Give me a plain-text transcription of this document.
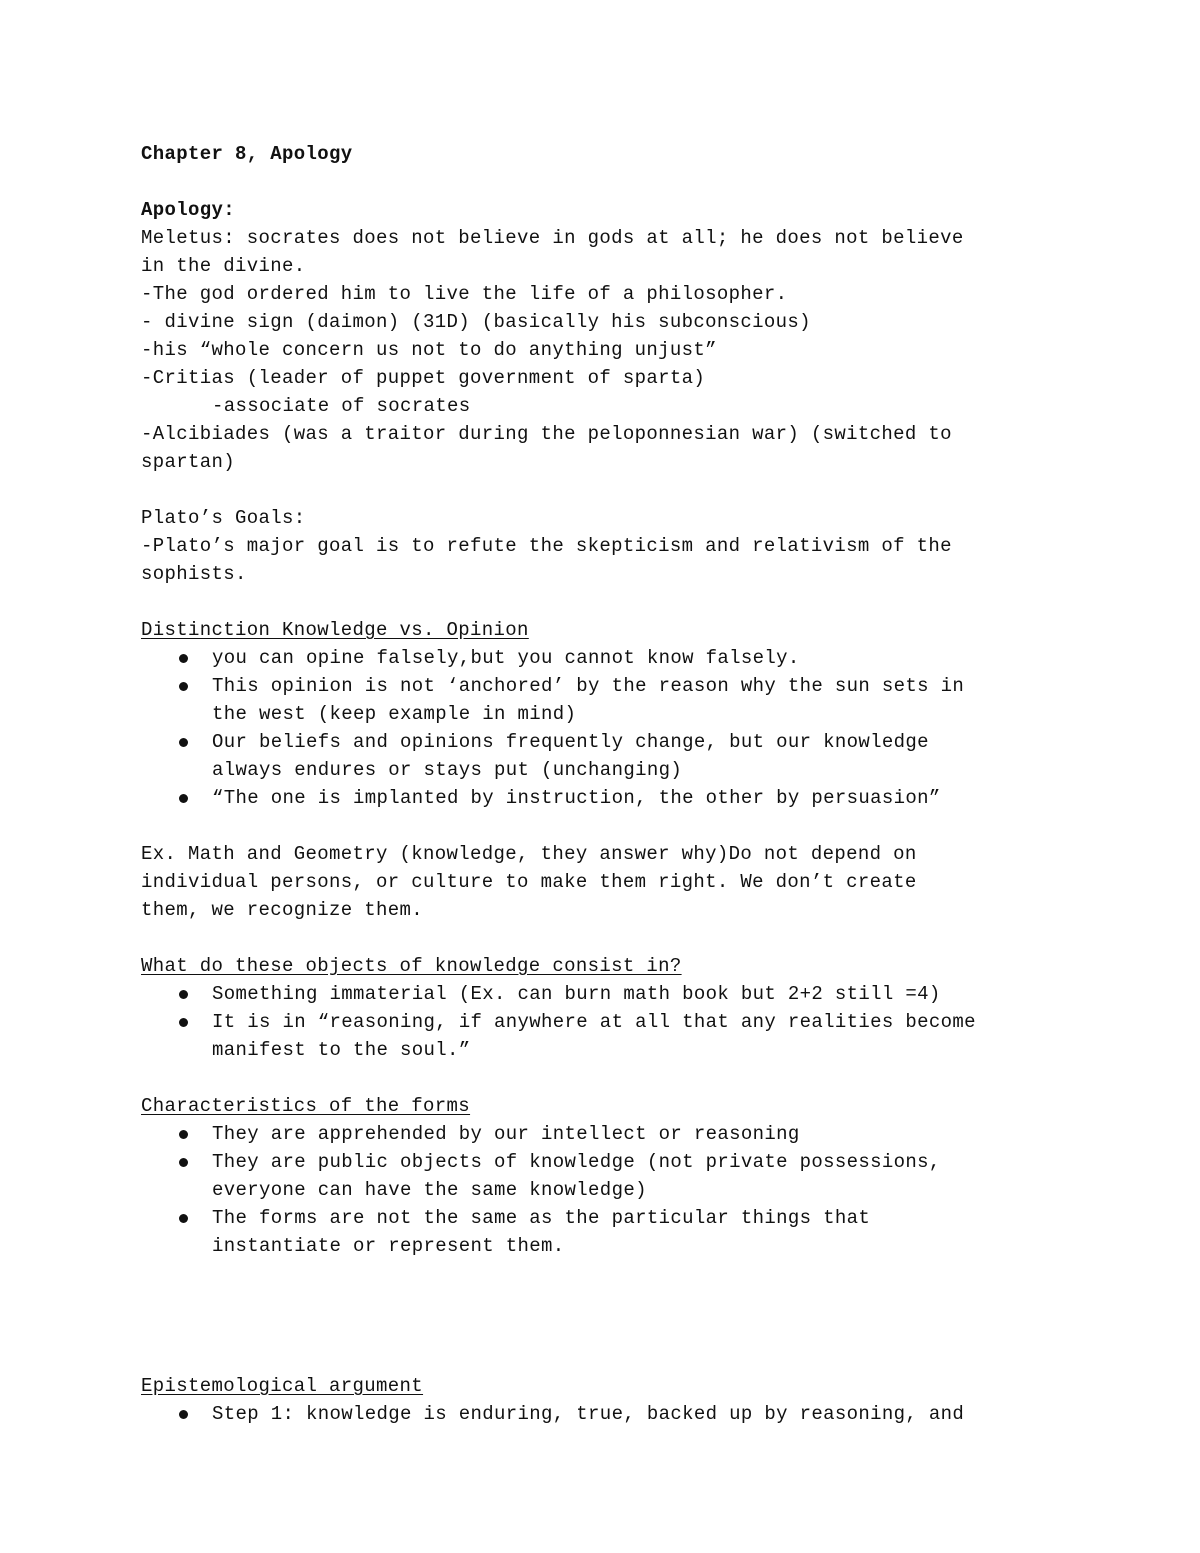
Chapter 8, Apology
Apology:
Meletus: socrates does not believe in gods at all; he does not believe
in the divine.
-The god ordered him to live the life of a philosopher.
- divine sign (daimon) (31D) (basically his subconscious)
-his “whole concern us not to do anything unjust”
-Critias (leader of puppet government of sparta)
-associate of socrates
-Alcibiades (was a traitor during the peloponnesian war) (switched to
spartan)
Plato’s Goals:
-Plato’s major goal is to refute the skepticism and relativism of the
sophists.
Distinction Knowledge vs. Opinion
you can opine falsely,but you cannot know falsely.
This opinion is not ‘anchored’ by the reason why the sun sets in
the west (keep example in mind)
Our beliefs and opinions frequently change, but our knowledge
always endures or stays put (unchanging)
“The one is implanted by instruction, the other by persuasion”
Ex. Math and Geometry (knowledge, they answer why)Do not depend on
individual persons, or culture to make them right. We don’t create
them, we recognize them.
What do these objects of knowledge consist in?
Something immaterial (Ex. can burn math book but 2+2 still =4)
It is in “reasoning, if anywhere at all that any realities become
manifest to the soul.”
Characteristics of the forms
They are apprehended by our intellect or reasoning
They are public objects of knowledge (not private possessions,
everyone can have the same knowledge)
The forms are not the same as the particular things that
instantiate or represent them.
Epistemological argument
Step 1: knowledge is enduring, true, backed up by reasoning, and
